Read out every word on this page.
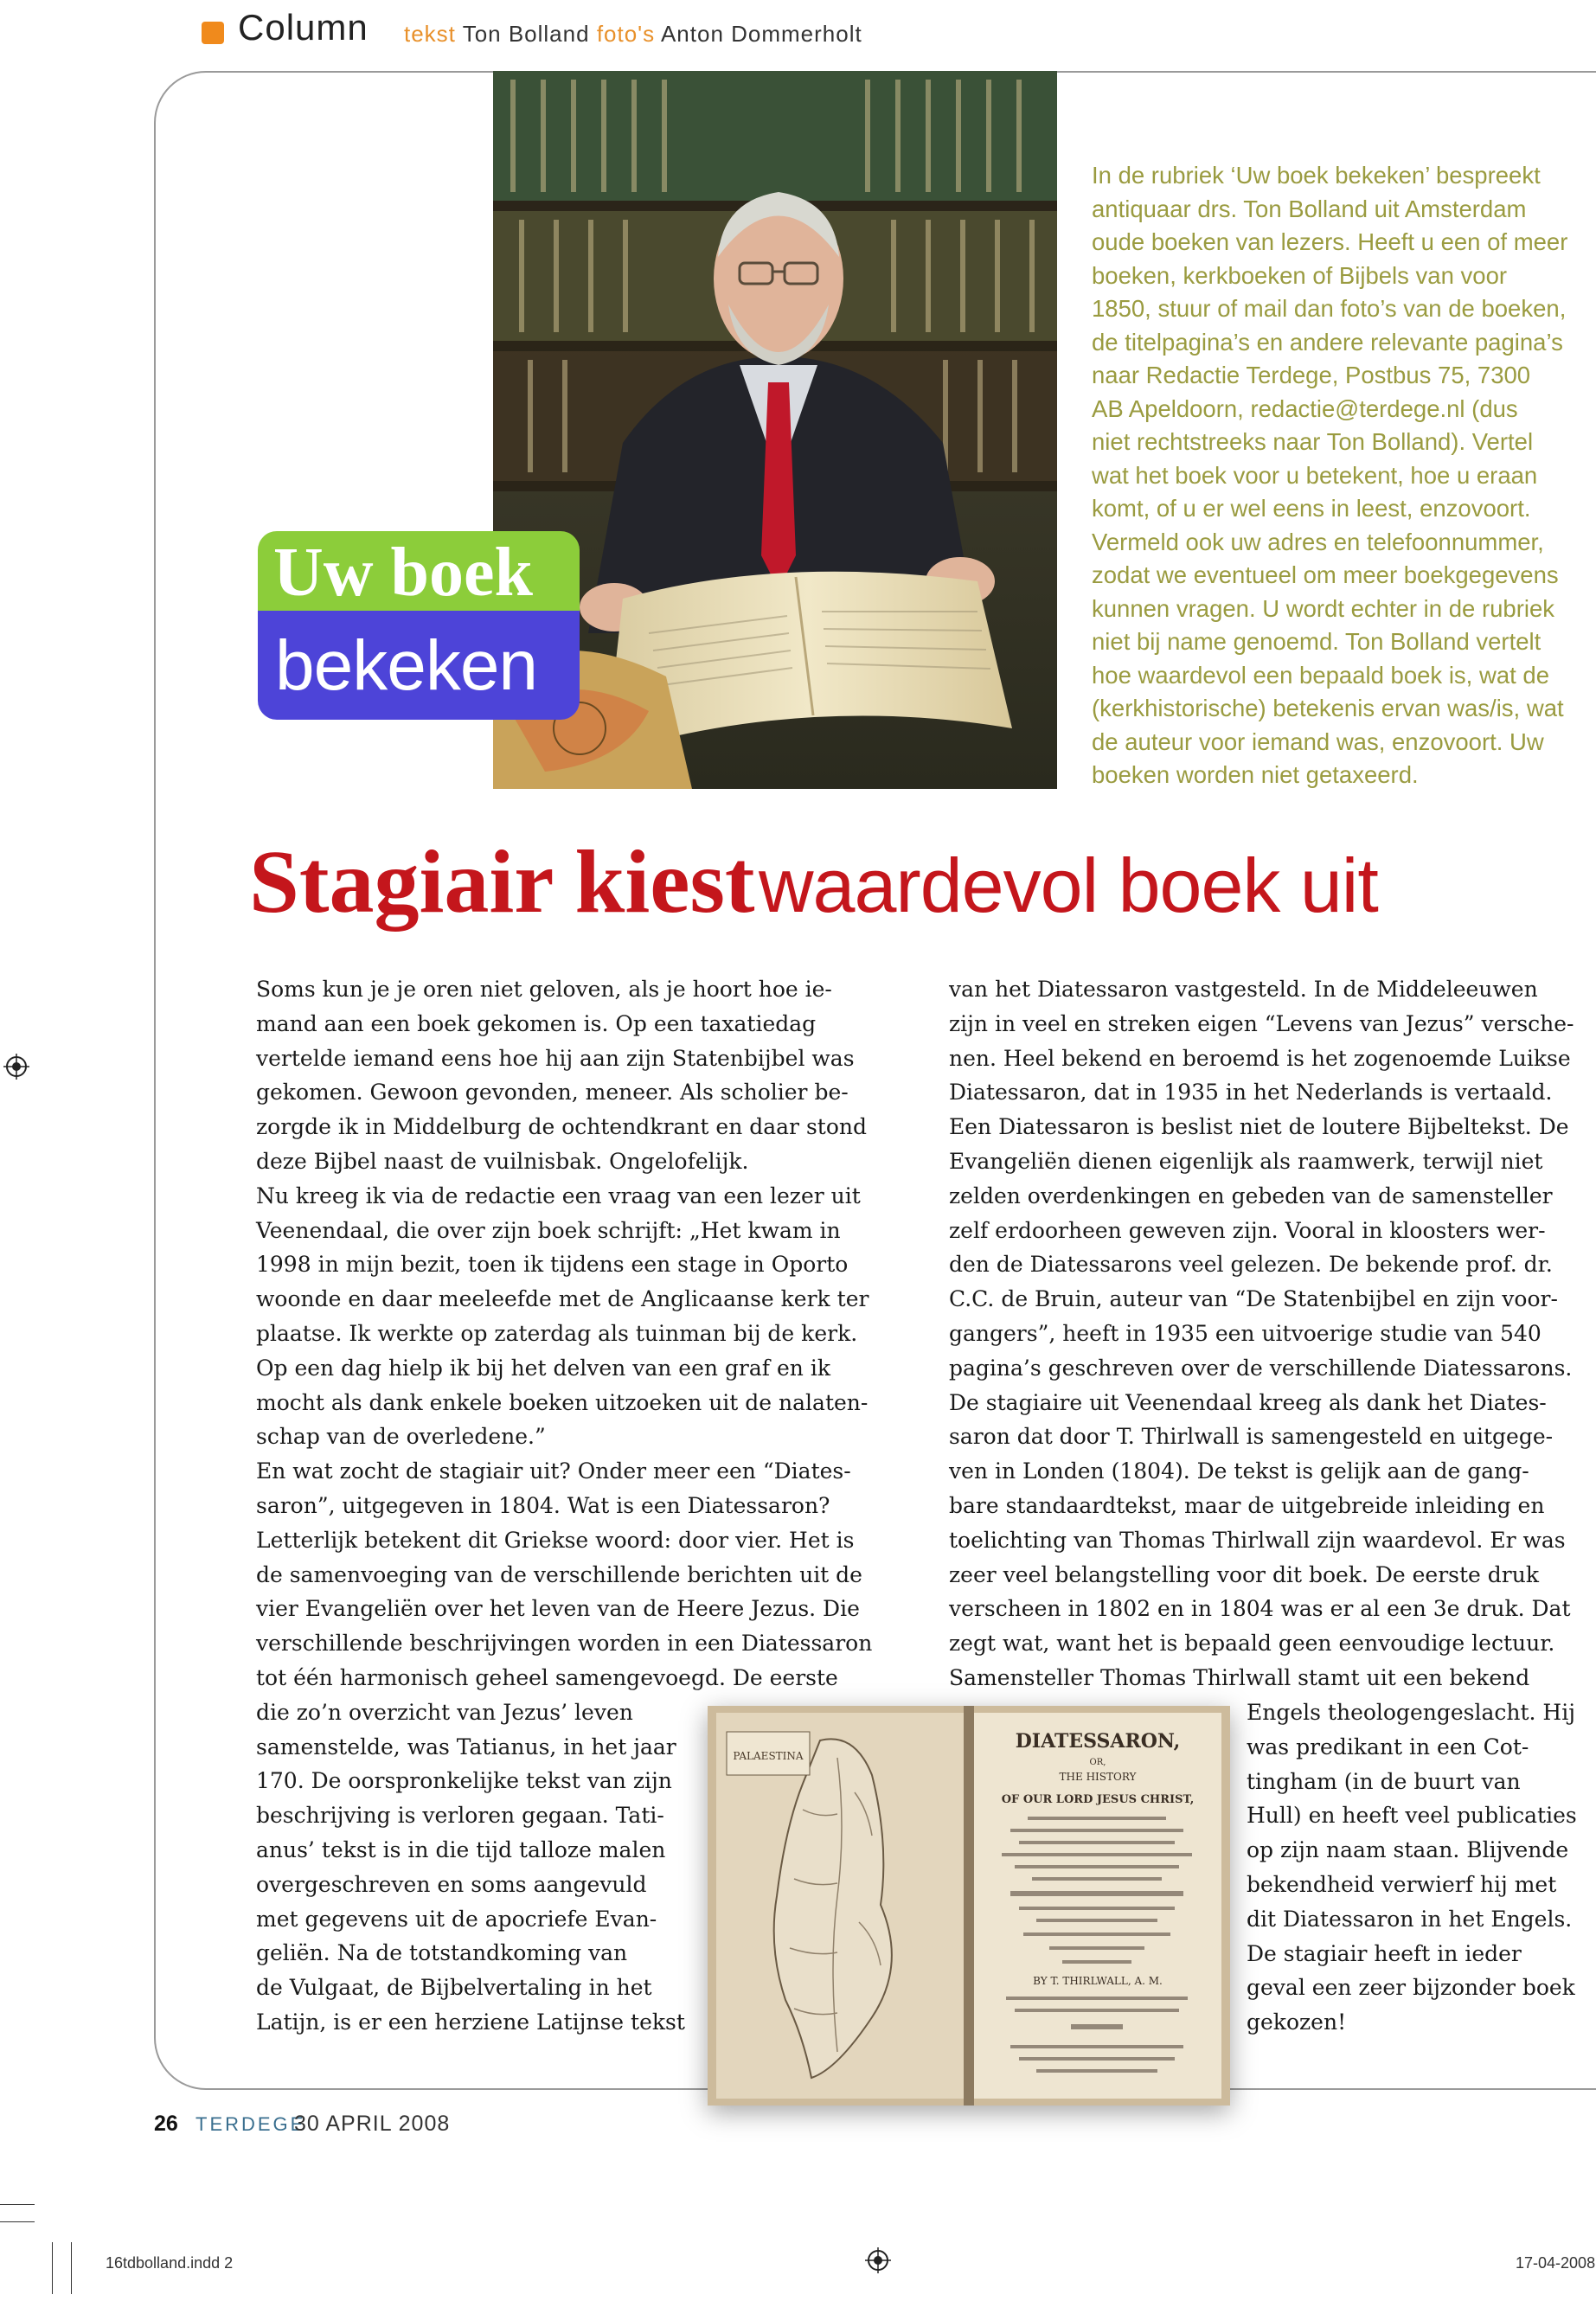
Column tekst Ton Bolland foto's Anton Dommerholt

In de rubriek ‘Uw boek bekeken’ bespreekt

antiquaar drs. Ton Bolland uit Amsterdam

oude boeken van lezers. Heeft u een of meer

boeken, kerkboeken of Bijbels van voor

1850, stuur of mail dan foto’s van de boeken,

de titelpagina’s en andere relevante pagina’s

naar Redactie Terdege, Postbus 75, 7300

AB Apeldoorn, redactie@terdege.nl (dus

niet rechtstreeks naar Ton Bolland). Vertel

wat het boek voor u betekent, hoe u eraan

komt, of u er wel eens in leest, enzovoort.

Vermeld ook uw adres en telefoonnummer,

zodat we eventueel om meer boekgegevens

kunnen vragen. U wordt echter in de rubriek

niet bij name genoemd. Ton Bolland vertelt

hoe waardevol een bepaald boek is, wat de

(kerkhistorische) betekenis ervan was/is, wat

de auteur voor iemand was, enzovoort. Uw

boeken worden niet getaxeerd.

Uw boek
bekeken
Stagiair kiest waardevol boek uit

Soms kun je je oren niet geloven, als je hoort hoe ie-

mand aan een boek gekomen is. Op een taxatiedag

vertelde iemand eens hoe hij aan zijn Statenbijbel was

gekomen. Gewoon gevonden, meneer. Als scholier be-

zorgde ik in Middelburg de ochtendkrant en daar stond

deze Bijbel naast de vuilnisbak. Ongelofelijk.

Nu kreeg ik via de redactie een vraag van een lezer uit

Veenendaal, die over zijn boek schrijft: „Het kwam in

1998 in mijn bezit, toen ik tijdens een stage in Oporto

woonde en daar meeleefde met de Anglicaanse kerk ter

plaatse. Ik werkte op zaterdag als tuinman bij de kerk.

Op een dag hielp ik bij het delven van een graf en ik

mocht als dank enkele boeken uitzoeken uit de nalaten-

schap van de overledene.”

En wat zocht de stagiair uit? Onder meer een “Diates-

saron”, uitgegeven in 1804. Wat is een Diatessaron?

Letterlijk betekent dit Griekse woord: door vier. Het is

de samenvoeging van de verschillende berichten uit de

vier Evangeliën over het leven van de Heere Jezus. Die

verschillende beschrijvingen worden in een Diatessaron

tot één harmonisch geheel samengevoegd. De eerste

die zo’n overzicht van Jezus’ leven

samenstelde, was Tatianus, in het jaar

170. De oorspronkelijke tekst van zijn

beschrijving is verloren gegaan. Tati-

anus’ tekst is in die tijd talloze malen

overgeschreven en soms aangevuld

met gegevens uit de apocriefe Evan-

geliën. Na de totstandkoming van

de Vulgaat, de Bijbelvertaling in het

Latijn, is er een herziene Latijnse tekst

van het Diatessaron vastgesteld. In de Middeleeuwen

zijn in veel en streken eigen “Levens van Jezus” versche-

nen. Heel bekend en beroemd is het zogenoemde Luikse

Diatessaron, dat in 1935 in het Nederlands is vertaald.

Een Diatessaron is beslist niet de loutere Bijbeltekst. De

Evangeliën dienen eigenlijk als raamwerk, terwijl niet

zelden overdenkingen en gebeden van de samensteller

zelf erdoorheen geweven zijn. Vooral in kloosters wer-

den de Diatessarons veel gelezen. De bekende prof. dr.

C.C. de Bruin, auteur van “De Statenbijbel en zijn voor-

gangers”, heeft in 1935 een uitvoerige studie van 540

pagina’s geschreven over de verschillende Diatessarons.

De stagiaire uit Veenendaal kreeg als dank het Diates-

saron dat door T. Thirlwall is samengesteld en uitgege-

ven in Londen (1804). De tekst is gelijk aan de gang-

bare standaardtekst, maar de uitgebreide inleiding en

toelichting van Thomas Thirlwall zijn waardevol. Er was

zeer veel belangstelling voor dit boek. De eerste druk

verscheen in 1802 en in 1804 was er al een 3e druk. Dat

zegt wat, want het is bepaald geen eenvoudige lectuur.

Samensteller Thomas Thirlwall stamt uit een bekend

Engels theologengeslacht. Hij

was predikant in een Cot-

tingham (in de buurt van

Hull) en heeft veel publicaties

op zijn naam staan. Blijvende

bekendheid verwierf hij met

dit Diatessaron in het Engels.

De stagiair heeft in ieder

geval een zeer bijzonder boek

gekozen!

PALAESTINA
DIATESSARON,
OR,
THE HISTORY
OF OUR LORD JESUS CHRIST,
BY T. THIRLWALL, A. M.
26 TERDEGE
30 APRIL 2008
16tdbolland.indd 2	17-04-2008
